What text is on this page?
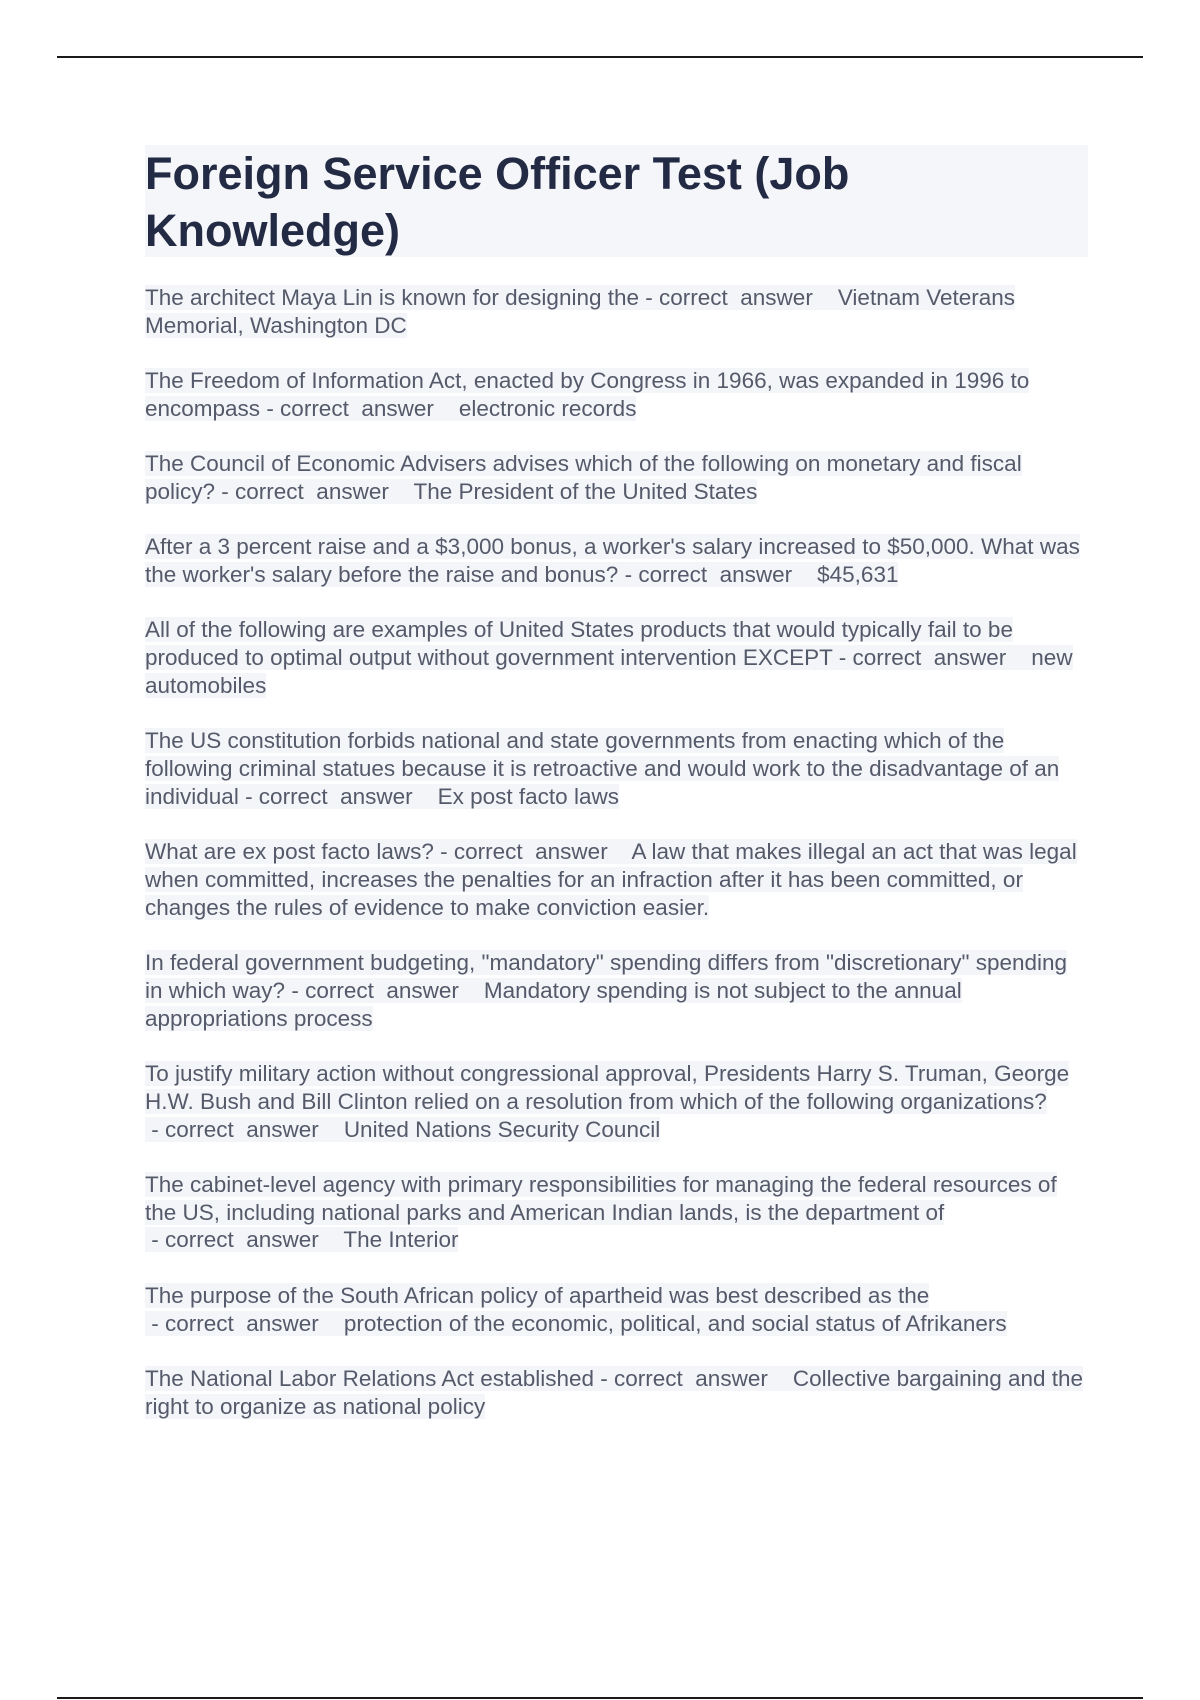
Foreign Service Officer Test (Job Knowledge)

The architect Maya Lin is known for designing the - correct  answer    Vietnam Veterans Memorial, Washington DC

The Freedom of Information Act, enacted by Congress in 1966, was expanded in 1996 to encompass - correct  answer    electronic records

The Council of Economic Advisers advises which of the following on monetary and fiscal policy? - correct  answer    The President of the United States

After a 3 percent raise and a $3,000 bonus, a worker's salary increased to $50,000. What was the worker's salary before the raise and bonus? - correct  answer    $45,631

All of the following are examples of United States products that would typically fail to be produced to optimal output without government intervention EXCEPT - correct  answer    new automobiles

The US constitution forbids national and state governments from enacting which of the following criminal statues because it is retroactive and would work to the disadvantage of an individual - correct  answer    Ex post facto laws

What are ex post facto laws? - correct  answer    A law that makes illegal an act that was legal when committed, increases the penalties for an infraction after it has been committed, or changes the rules of evidence to make conviction easier.

In federal government budgeting, "mandatory" spending differs from "discretionary" spending in which way? - correct  answer    Mandatory spending is not subject to the annual appropriations process

To justify military action without congressional approval, Presidents Harry S. Truman, George H.W. Bush and Bill Clinton relied on a resolution from which of the following organizations? - correct  answer    United Nations Security Council

The cabinet-level agency with primary responsibilities for managing the federal resources of the US, including national parks and American Indian lands, is the department of - correct  answer    The Interior

The purpose of the South African policy of apartheid was best described as the - correct  answer    protection of the economic, political, and social status of Afrikaners

The National Labor Relations Act established - correct  answer    Collective bargaining and the right to organize as national policy
